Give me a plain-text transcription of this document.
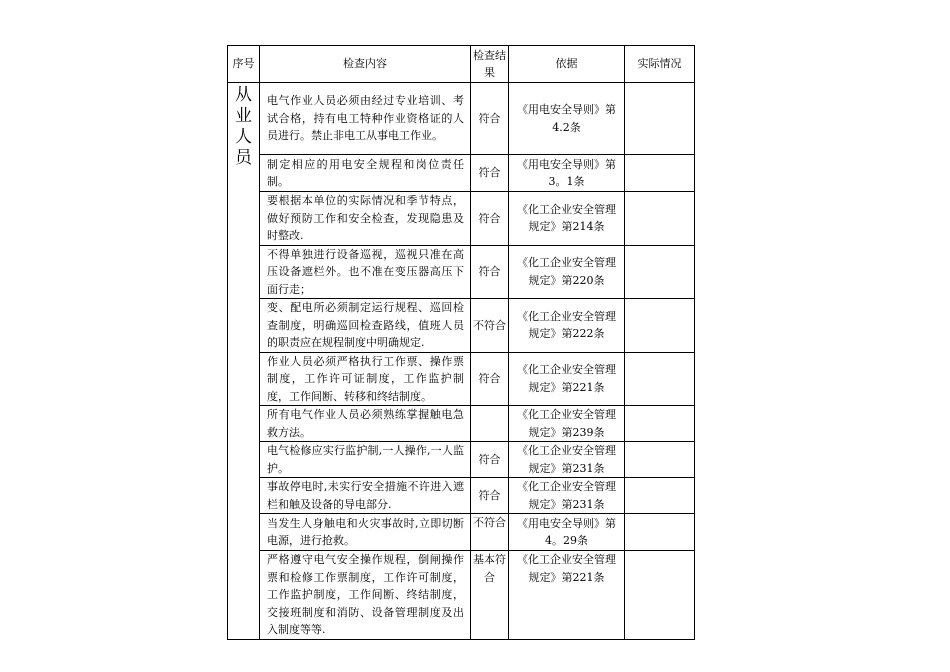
序号	检查内容	检查结果	依据	实际情况

从
业
人
员	电气作业人员必须由经过专业培训、考试合格，持有电工特种作业资格证的人员进行。禁止非电工从事电工作业。	符合	《用电安全导则》第4.2条	
	制定相应的用电安全规程和岗位责任制。	符合	《用电安全导则》第3。1条	
	要根据本单位的实际情况和季节特点，做好预防工作和安全检查，发现隐患及时整改.	符合	《化工企业安全管理规定》第214条	
	不得单独进行设备巡视，巡视只准在高压设备遮栏外。也不准在变压器高压下面行走；	符合	《化工企业安全管理规定》第220条	
	变、配电所必须制定运行规程、巡回检查制度，明确巡回检查路线，值班人员的职责应在规程制度中明确规定.	不符合	《化工企业安全管理规定》第222条	
	作业人员必须严格执行工作票、操作票制度，工作许可证制度，工作监护制度，工作间断、转移和终结制度。	符合	《化工企业安全管理规定》第221条	
	所有电气作业人员必须熟练掌握触电急救方法。		《化工企业安全管理规定》第239条	
	电气检修应实行监护制,一人操作,一人监护。	符合	《化工企业安全管理规定》第231条	
	事故停电时,未实行安全措施不许进入遮栏和触及设备的导电部分.	符合	《化工企业安全管理规定》第231条	
	当发生人身触电和火灾事故时,立即切断电源，进行抢救。	不符合	《用电安全导则》第4。29条	
	严格遵守电气安全操作规程，倒闸操作票和检修工作票制度，工作许可制度，工作监护制度，工作间断、终结制度，交接班制度和消防、设备管理制度及出入制度等等.	基本符合	《化工企业安全管理规定》第221条	
